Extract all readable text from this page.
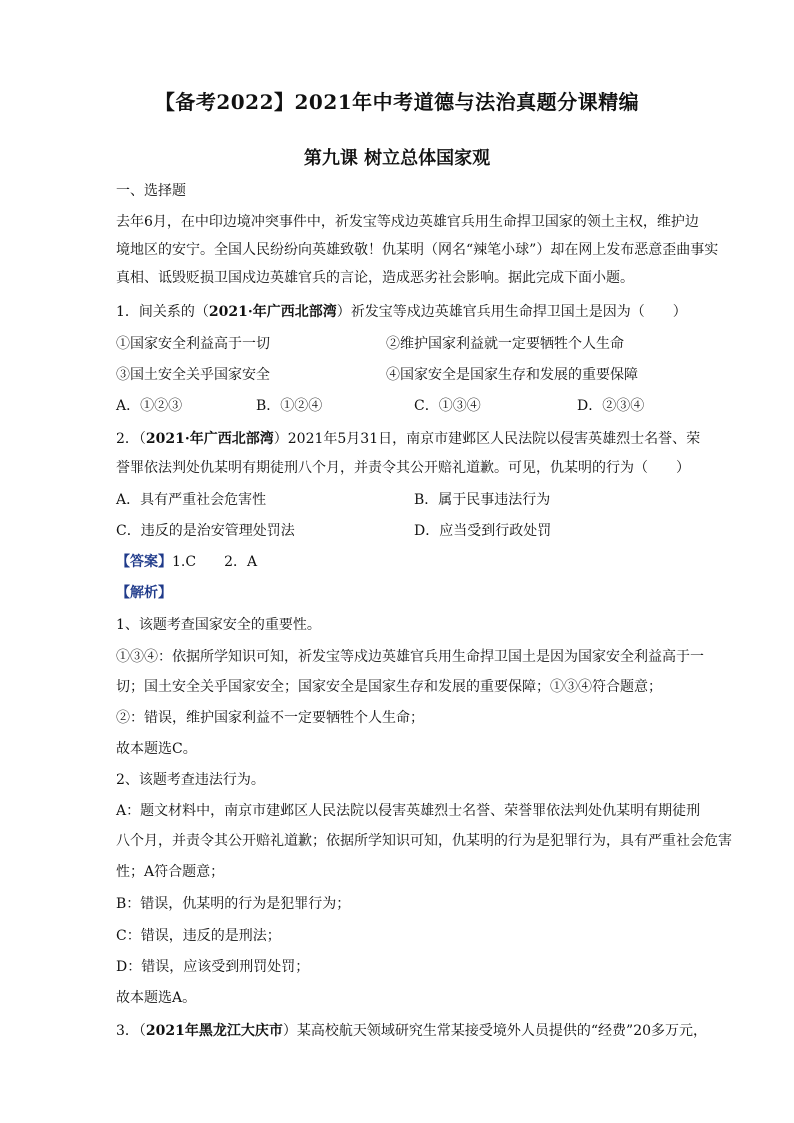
【备考2022】2021年中考道德与法治真题分课精编
第九课 树立总体国家观
一、选择题
去年6月，在中印边境冲突事件中，祈发宝等戍边英雄官兵用生命捍卫国家的领土主权，维护边
境地区的安宁。全国人民纷纷向英雄致敬！仇某明（网名“辣笔小球”）却在网上发布恶意歪曲事实
真相、诋毁贬损卫国戍边英雄官兵的言论，造成恶劣社会影响。据此完成下面小题。
1．间关系的（2021·年广西北部湾）祈发宝等戍边英雄官兵用生命捍卫国土是因为（　　）
①国家安全利益高于一切	②维护国家利益就一定要牺牲个人生命
③国土安全关乎国家安全	④国家安全是国家生存和发展的重要保障
A．①②③	B．①②④	C．①③④	D．②③④
2．（2021·年广西北部湾）2021年5月31日，南京市建邺区人民法院以侵害英雄烈士名誉、荣
誉罪依法判处仇某明有期徒刑八个月，并责令其公开赔礼道歉。可见，仇某明的行为（　　）
A．具有严重社会危害性	B．属于民事违法行为
C．违反的是治安管理处罚法	D．应当受到行政处罚
【答案】1.C　　2．A
【解析】
1、该题考查国家安全的重要性。
①③④：依据所学知识可知，祈发宝等戍边英雄官兵用生命捍卫国土是因为国家安全利益高于一
切；国土安全关乎国家安全；国家安全是国家生存和发展的重要保障；①③④符合题意；
②：错误，维护国家利益不一定要牺牲个人生命；
故本题选C。
2、该题考查违法行为。
A：题文材料中，南京市建邺区人民法院以侵害英雄烈士名誉、荣誉罪依法判处仇某明有期徒刑
八个月，并责令其公开赔礼道歉；依据所学知识可知，仇某明的行为是犯罪行为，具有严重社会危害
性；A符合题意；
B：错误，仇某明的行为是犯罪行为；
C：错误，违反的是刑法；
D：错误，应该受到刑罚处罚；
故本题选A。
3．（2021年黑龙江大庆市）某高校航天领域研究生常某接受境外人员提供的“经费”20多万元，
